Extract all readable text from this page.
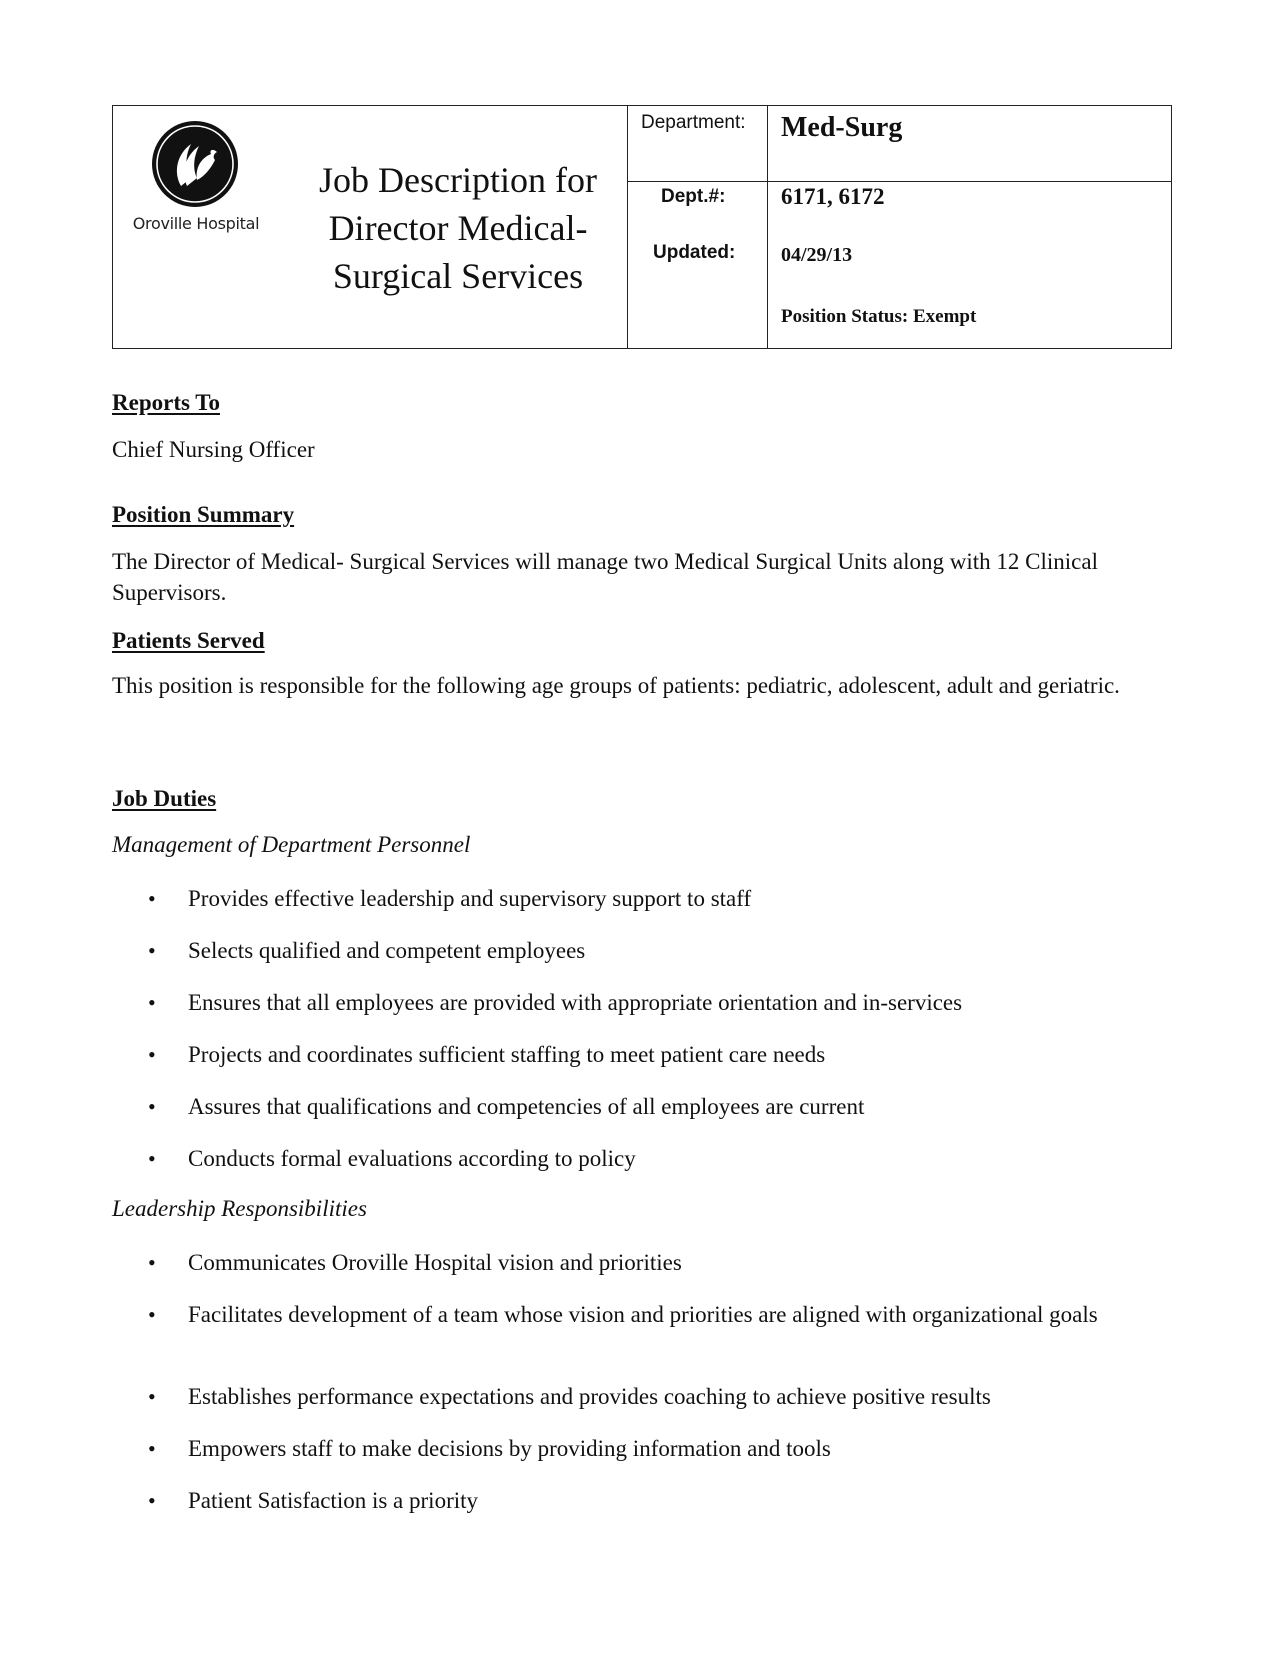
Oroville Hospital
Job Description for
Director Medical-
Surgical Services
Department: Med-Surg
Dept.#: 6171, 6172
Updated: 04/29/13
Position Status: Exempt
Reports To

Chief Nursing Officer

Position Summary

The Director of Medical- Surgical Services will manage two Medical Surgical Units along with 12 Clinical Supervisors.

Patients Served

This position is responsible for the following age groups of patients: pediatric, adolescent, adult and geriatric.

Job Duties

Management of Department Personnel

•	Provides effective leadership and supervisory support to staff
•	Selects qualified and competent employees
•	Ensures that all employees are provided with appropriate orientation and in-services
•	Projects and coordinates sufficient staffing to meet patient care needs
•	Assures that qualifications and competencies of all employees are current
•	Conducts formal evaluations according to policy

Leadership Responsibilities

•	Communicates Oroville Hospital vision and priorities
•	Facilitates development of a team whose vision and priorities are aligned with organizational goals
•	Establishes performance expectations and provides coaching to achieve positive results
•	Empowers staff to make decisions by providing information and tools
•	Patient Satisfaction is a priority
